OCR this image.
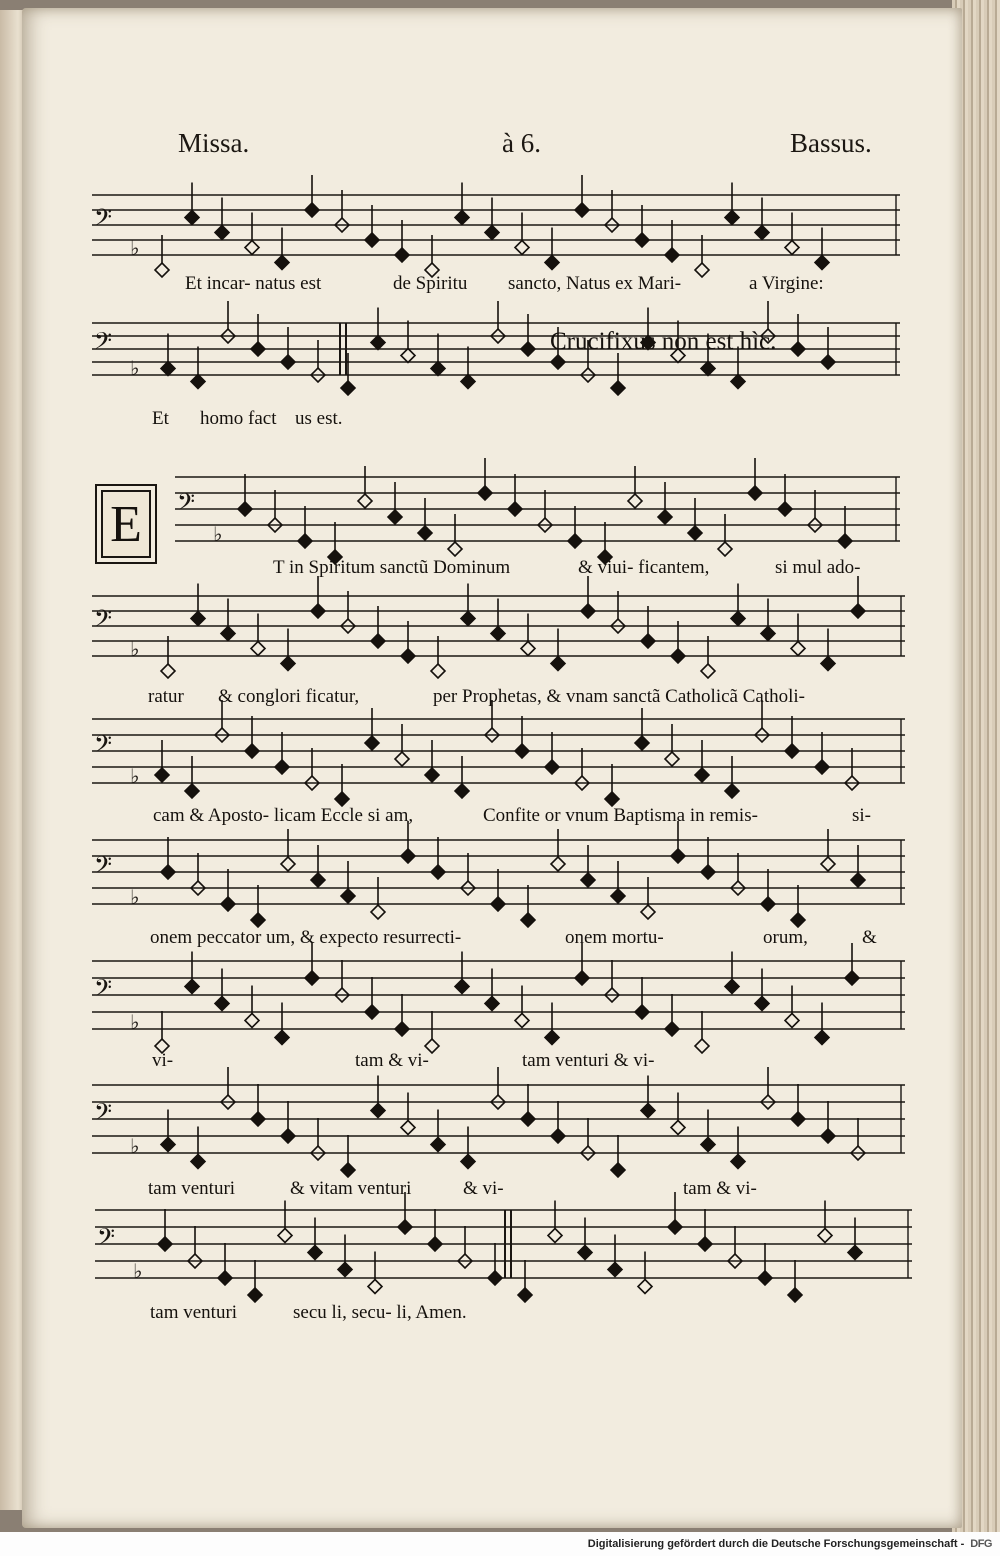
Missa.	à 6.	Bassus.
𝄢
♭
𝄢
♭
𝄢
♭
𝄢
♭
𝄢
♭
𝄢
♭
𝄢
♭
𝄢
♭
𝄢
♭
Crucifixus non est hìc.
E
Et incar- natus est	de Spiritu sancto, Natus ex Mari-	a Virgine:
Et homo fact us est.
T in Spiritum sanctũ Dominum	& viui- ficantem,	si mul ado-
ratur & conglori ficatur,	per Prophetas, & vnam sanctã Catholicã Catholi-
cam & Aposto- licam Eccle si am,	Confite or vnum Baptisma in remis-	si-
onem peccator um, & expecto resurrecti-	onem mortu-	orum,	&
vi-	tam & vi-	tam venturi & vi-
tam venturi	& vitam venturi	& vi-	tam & vi-
tam venturi	secu li, secu- li, Amen.
Digitalisierung gefördert durch die Deutsche Forschungsgemeinschaft - DFG
